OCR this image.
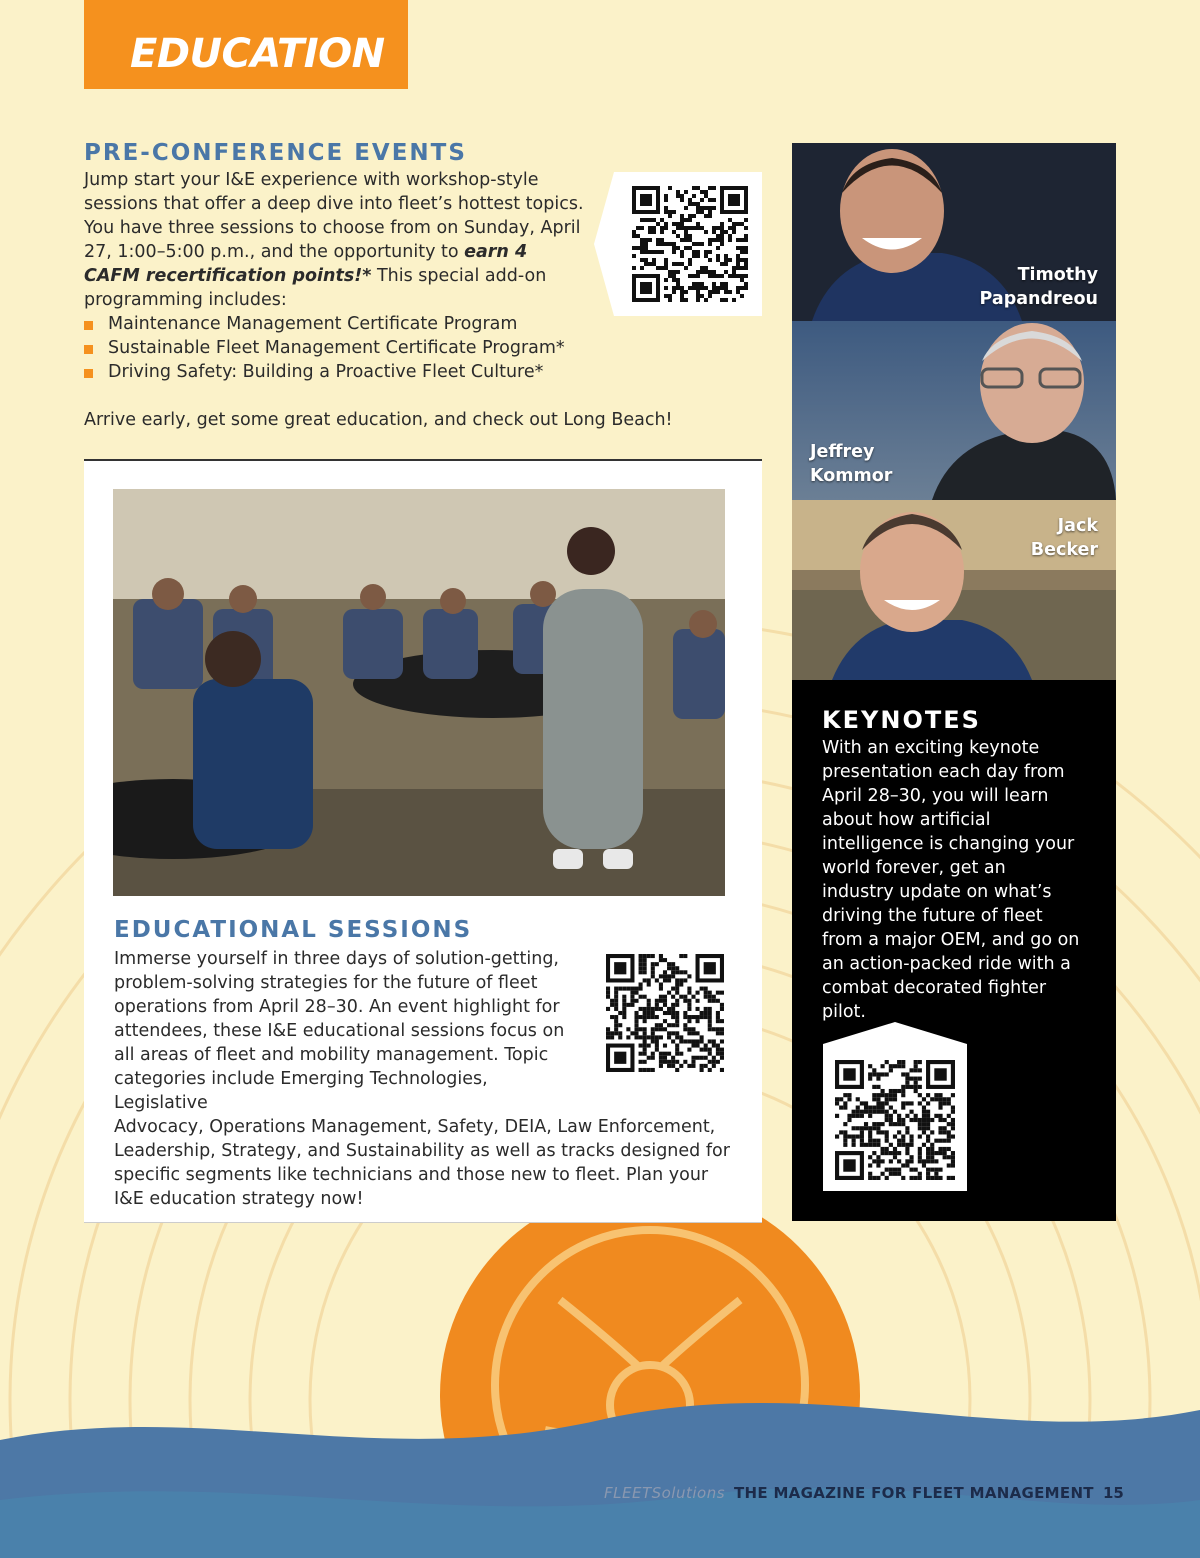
EDUCATION
PRE-CONFERENCE EVENTS

Jump start your I&E experience with workshop-style sessions that offer a deep dive into fleet’s hottest topics. You have three sessions to choose from on Sunday, April 27, 1:00–5:00 p.m., and the opportunity to earn 4 CAFM recertification points!* This special add-on programming includes:

Maintenance Management Certificate Program
Sustainable Fleet Management Certificate Program*
Driving Safety: Building a Proactive Fleet Culture*

Arrive early, get some great education, and check out Long Beach!

EDUCATIONAL SESSIONS

Immerse yourself in three days of solution-getting, problem-solving strategies for the future of fleet operations from April 28–30. An event highlight for attendees, these I&E educational sessions focus on all areas of fleet and mobility management. Topic categories include Emerging Technologies, Legislative

Advocacy, Operations Management, Safety, DEIA, Law Enforcement, Leadership, Strategy, and Sustainability as well as tracks designed for specific segments like technicians and those new to fleet. Plan your I&E education strategy now!

Timothy
Papandreou
Jeffrey
Kommor
Jack
Becker
KEYNOTES

With an exciting keynote presentation each day from April 28–30, you will learn about how artificial intelligence is changing your world forever, get an industry update on what’s driving the future of fleet from a major OEM, and go on an action-packed ride with a combat decorated fighter pilot.

FLEETSolutions THE MAGAZINE FOR FLEET MANAGEMENT 15
